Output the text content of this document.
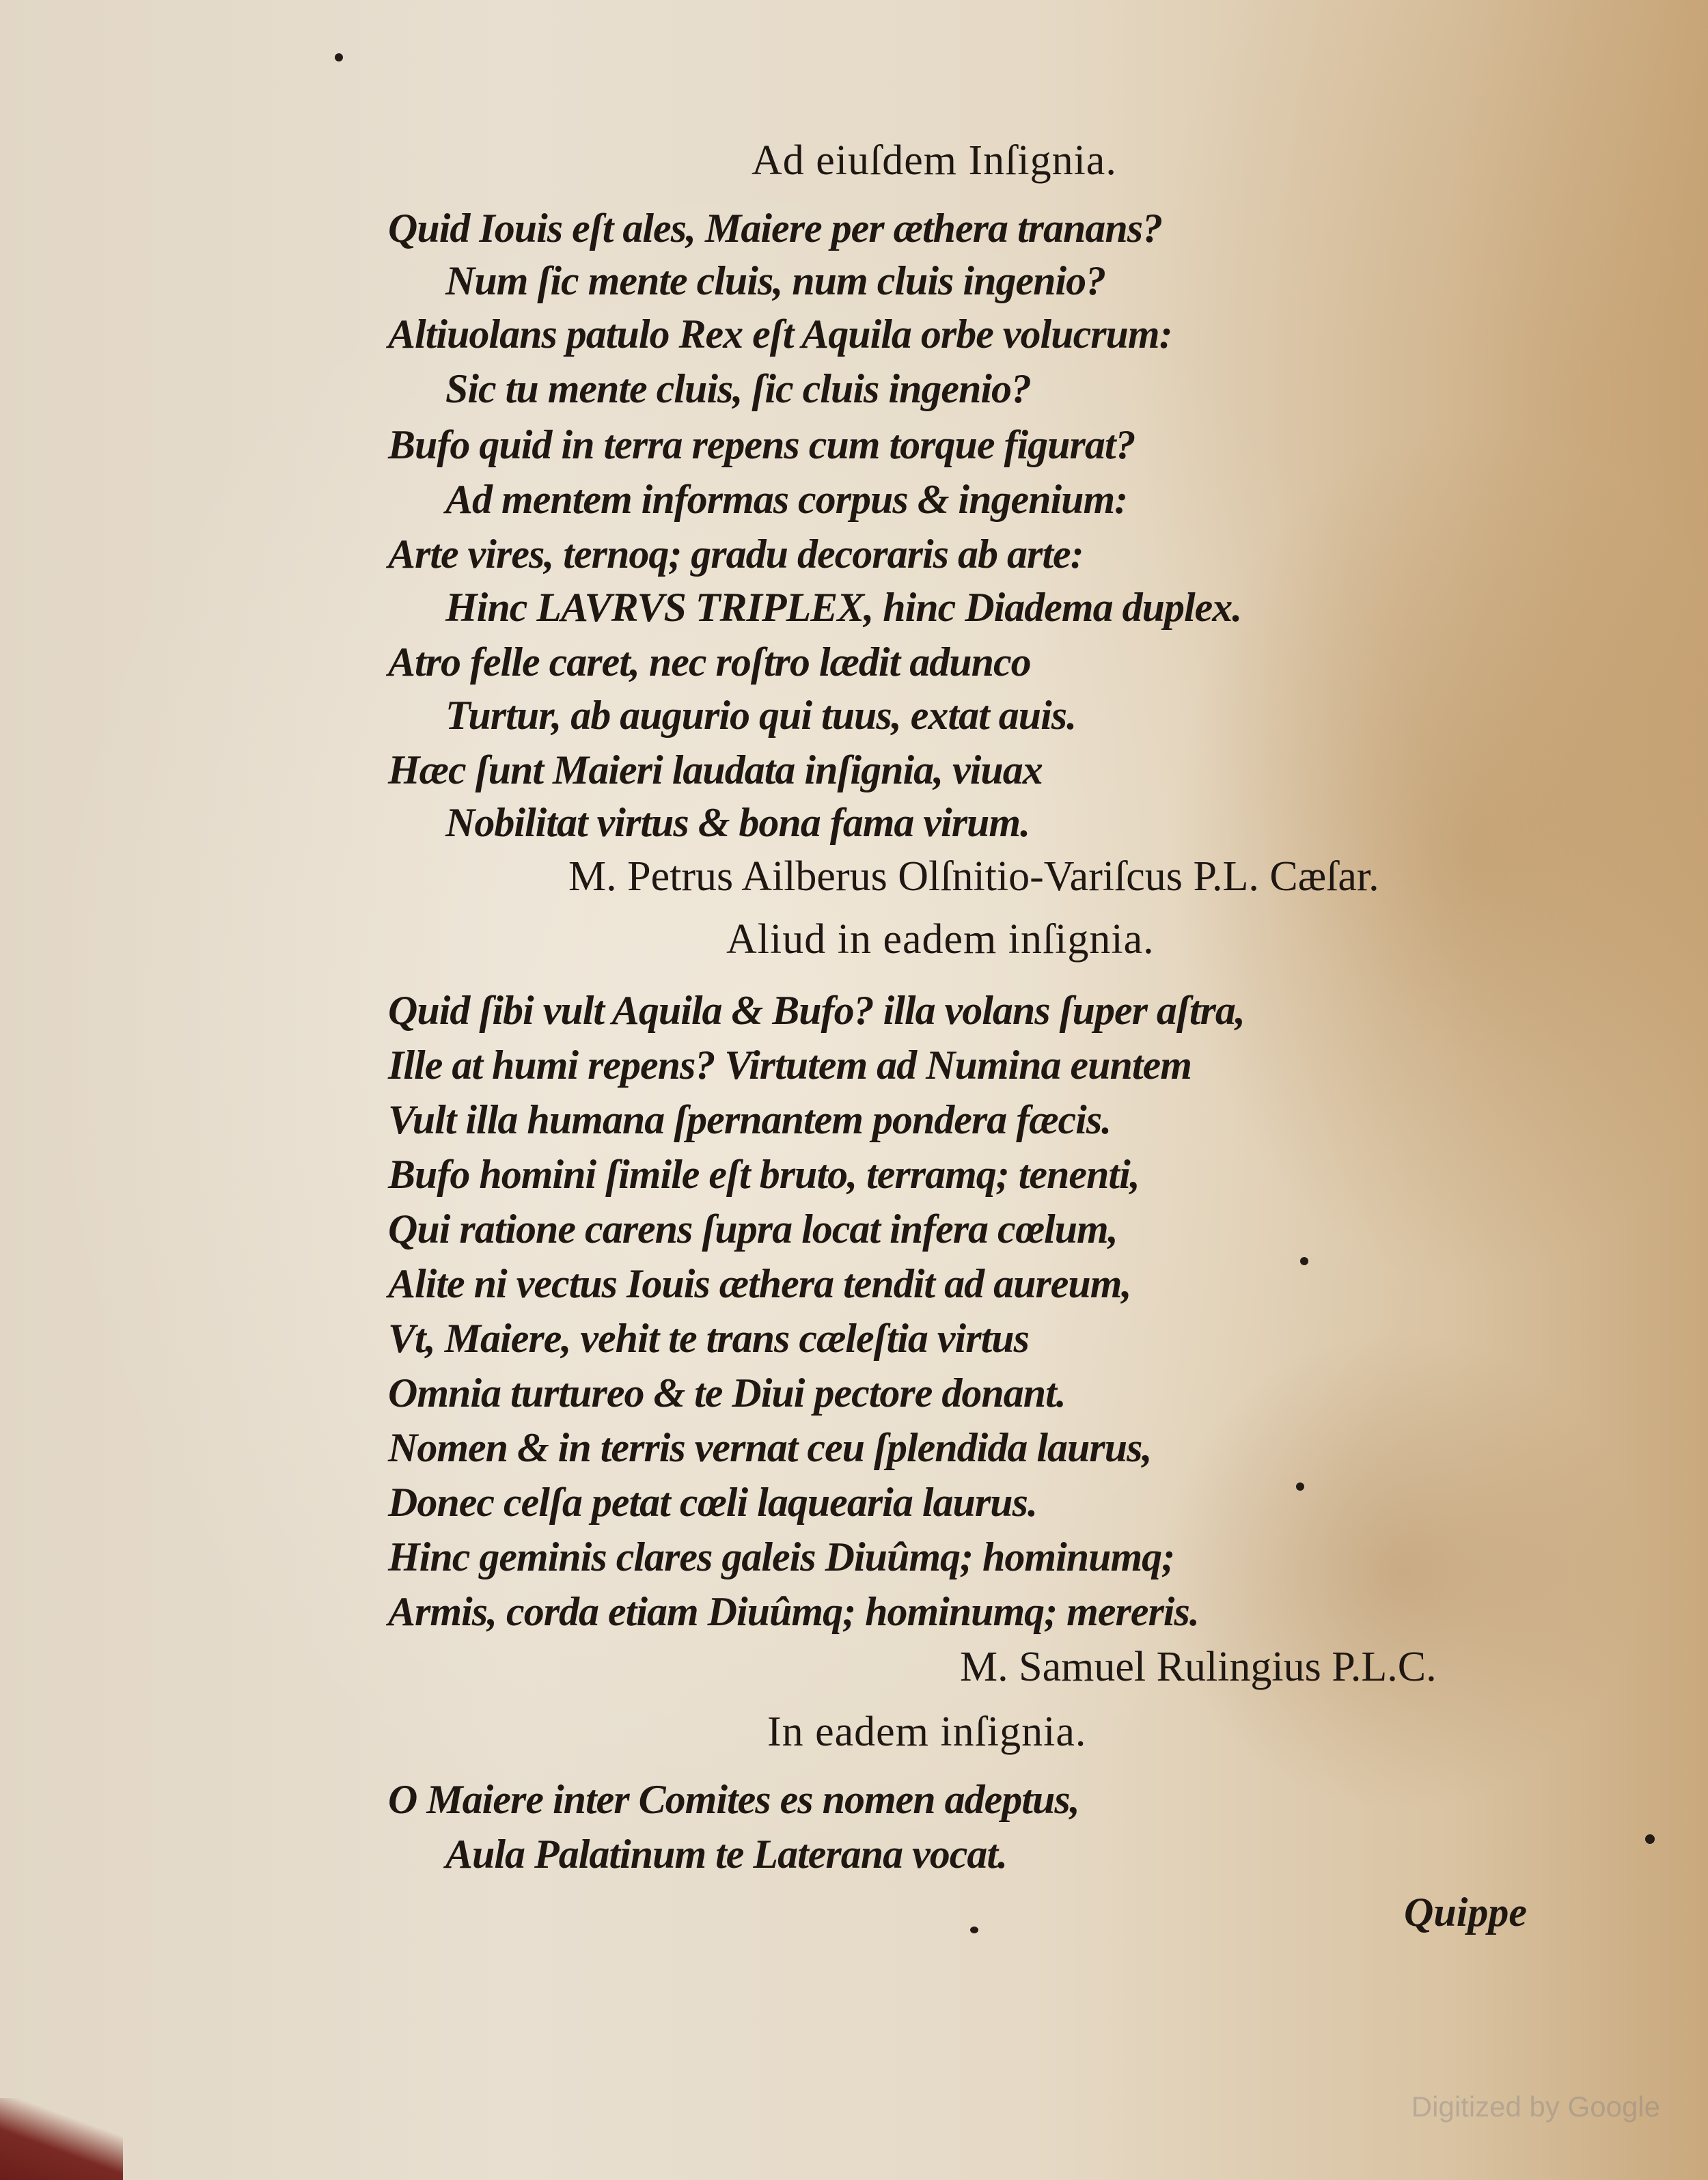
Ad eiuſdem Inſignia.
Quid Iouis eſt ales, Maiere per æthera tranans?
Num ſic mente cluis, num cluis ingenio?
Altiuolans patulo Rex eſt Aquila orbe volucrum:
Sic tu mente cluis, ſic cluis ingenio?
Bufo quid in terra repens cum torque figurat?
Ad mentem informas corpus & ingenium:
Arte vires, ternoq; gradu decoraris ab arte:
Hinc LAVRVS TRIPLEX, hinc Diadema duplex.
Atro felle caret, nec roſtro lædit adunco
Turtur, ab augurio qui tuus, extat auis.
Hæc ſunt Maieri laudata inſignia, viuax
Nobilitat virtus & bona fama virum.
M. Petrus Ailberus Olſnitio-Variſcus P.L. Cæſar.
Aliud in eadem inſignia.
Quid ſibi vult Aquila & Bufo? illa volans ſuper aſtra,
Ille at humi repens? Virtutem ad Numina euntem
Vult illa humana ſpernantem pondera fæcis.
Bufo homini ſimile eſt bruto, terramq; tenenti,
Qui ratione carens ſupra locat infera cœlum,
Alite ni vectus Iouis æthera tendit ad aureum,
Vt, Maiere, vehit te trans cæleſtia virtus
Omnia turtureo & te Diui pectore donant.
Nomen & in terris vernat ceu ſplendida laurus,
Donec celſa petat cœli laquearia laurus.
Hinc geminis clares galeis Diuûmq; hominumq;
Armis, corda etiam Diuûmq; hominumq; mereris.
M. Samuel Rulingius P.L.C.
In eadem inſignia.
O Maiere inter Comites es nomen adeptus,
Aula Palatinum te Laterana vocat.
Quippe
Digitized by Google
